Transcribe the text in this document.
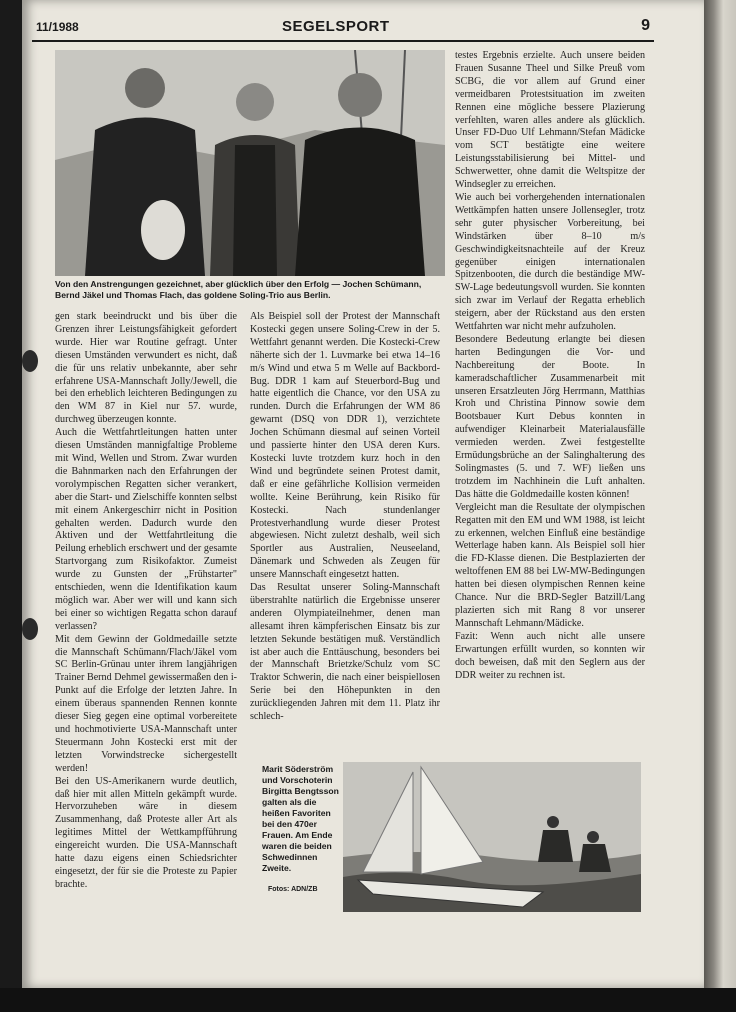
11/1988	SEGELSPORT	9
Von den Anstrengungen gezeichnet, aber glücklich über den Erfolg — Jochen Schümann, Bernd Jäkel und Thomas Flach, das goldene Soling-Trio aus Berlin.

gen stark beeindruckt und bis über die Grenzen ihrer Leistungsfähigkeit gefordert wurde. Hier war Routine gefragt. Unter diesen Umständen verwundert es nicht, daß die für uns relativ unbekannte, aber sehr erfahrene USA-Mannschaft Jolly/Jewell, die bei den erheblich leichteren Bedingungen zu den WM 87 in Kiel nur 57. wurde, durchweg überzeugen konnte.

Auch die Wettfahrtleitungen hatten unter diesen Umständen mannigfaltige Probleme mit Wind, Wellen und Strom. Zwar wurden die Bahnmarken nach den Erfahrungen der vorolympischen Regatten sicher verankert, aber die Start- und Zielschiffe konnten selbst mit einem Ankergeschirr nicht in Position gehalten werden. Dadurch wurde den Aktiven und der Wettfahrtleitung die Peilung erheblich erschwert und der gesamte Startvorgang zum Risikofaktor. Zumeist wurde zu Gunsten der „Frühstarter" entschieden, wenn die Identifikation kaum möglich war. Aber wer will und kann sich bei einer so wichtigen Regatta schon darauf verlassen?

Mit dem Gewinn der Goldmedaille setzte die Mannschaft Schümann/Flach/Jäkel vom SC Berlin-Grünau unter ihrem langjährigen Trainer Bernd Dehmel gewissermaßen den i-Punkt auf die Erfolge der letzten Jahre. In einem überaus spannenden Rennen konnte dieser Sieg gegen eine optimal vorbereitete und hochmotivierte USA-Mannschaft unter Steuermann John Kostecki erst mit der letzten Vorwindstrecke sichergestellt werden!

Bei den US-Amerikanern wurde deutlich, daß hier mit allen Mitteln gekämpft wurde. Hervorzuheben wäre in diesem Zusammenhang, daß Proteste aller Art als legitimes Mittel der Wettkampfführung eingereicht wurden. Die USA-Mannschaft hatte dazu eigens einen Schiedsrichter eingesetzt, der für sie die Proteste zu Papier brachte.

Als Beispiel soll der Protest der Mannschaft Kostecki gegen unsere Soling-Crew in der 5. Wettfahrt genannt werden. Die Kostecki-Crew näherte sich der 1. Luvmarke bei etwa 14–16 m/s Wind und etwa 5 m Welle auf Backbord-Bug. DDR 1 kam auf Steuerbord-Bug und hatte eigentlich die Chance, vor den USA zu runden. Durch die Erfahrungen der WM 86 gewarnt (DSQ von DDR 1), verzichtete Jochen Schümann diesmal auf seinen Vorteil und passierte hinter den USA deren Kurs. Kostecki luvte trotzdem kurz hoch in den Wind und begründete seinen Protest damit, daß er eine gefährliche Kollision vermeiden wollte. Keine Berührung, kein Risiko für Kostecki. Nach stundenlanger Protestverhandlung wurde dieser Protest abgewiesen. Nicht zuletzt deshalb, weil sich Sportler aus Australien, Neuseeland, Dänemark und Schweden als Zeugen für unsere Mannschaft eingesetzt hatten.

Das Resultat unserer Soling-Mannschaft überstrahlte natürlich die Ergebnisse unserer anderen Olympiateilnehmer, denen man allesamt ihren kämpferischen Einsatz bis zur letzten Sekunde bestätigen muß. Verständlich ist aber auch die Enttäuschung, besonders bei der Mannschaft Brietzke/Schulz vom SC Traktor Schwerin, die nach einer beispiellosen Serie bei den Höhepunkten in den zurückliegenden Jahren mit dem 11. Platz ihr schlech-

testes Ergebnis erzielte. Auch unsere beiden Frauen Susanne Theel und Silke Preuß vom SCBG, die vor allem auf Grund einer vermeidbaren Protestsituation im zweiten Rennen eine mögliche bessere Plazierung verfehlten, waren alles andere als glücklich. Unser FD-Duo Ulf Lehmann/Stefan Mädicke vom SCT bestätigte eine weitere Leistungsstabilisierung bei Mittel- und Schwerwetter, ohne damit die Weltspitze der Windsegler zu erreichen.

Wie auch bei vorhergehenden internationalen Wettkämpfen hatten unsere Jollensegler, trotz sehr guter physischer Vorbereitung, bei Windstärken über 8–10 m/s Geschwindigkeitsnachteile auf der Kreuz gegenüber einigen internationalen Spitzenbooten, die durch die beständige MW-SW-Lage bedeutungsvoll wurden. Sie konnten sich zwar im Verlauf der Regatta erheblich steigern, aber der Rückstand aus den ersten Wettfahrten war nicht mehr aufzuholen.

Besondere Bedeutung erlangte bei diesen harten Bedingungen die Vor- und Nachbereitung der Boote. In kameradschaftlicher Zusammenarbeit mit unseren Ersatzleuten Jörg Herrmann, Matthias Kroh und Christina Pinnow sowie dem Bootsbauer Kurt Debus konnten in aufwendiger Kleinarbeit Materialausfälle vermieden werden. Zwei festgestellte Ermüdungsbrüche an der Salinghalterung des Solingmastes (5. und 7. WF) ließen uns trotzdem im Nachhinein die Luft anhalten. Das hätte die Goldmedaille kosten können!

Vergleicht man die Resultate der olympischen Regatten mit den EM und WM 1988, ist leicht zu erkennen, welchen Einfluß eine beständige Wetterlage haben kann. Als Beispiel soll hier die FD-Klasse dienen. Die Bestplazierten der weltoffenen EM 88 bei LW-MW-Bedingungen hatten bei diesen olympischen Rennen keine Chance. Nur die BRD-Segler Batzill/Lang plazierten sich mit Rang 8 vor unserer Mannschaft Lehmann/Mädicke.

Fazit: Wenn auch nicht alle unsere Erwartungen erfüllt wurden, so konnten wir doch beweisen, daß mit den Seglern aus der DDR weiter zu rechnen ist.

Marit Söderström und Vorschoterin Birgitta Bengtsson galten als die heißen Favoriten bei den 470er Frauen. Am Ende waren die beiden Schwedinnen Zweite.
Fotos: ADN/ZB
